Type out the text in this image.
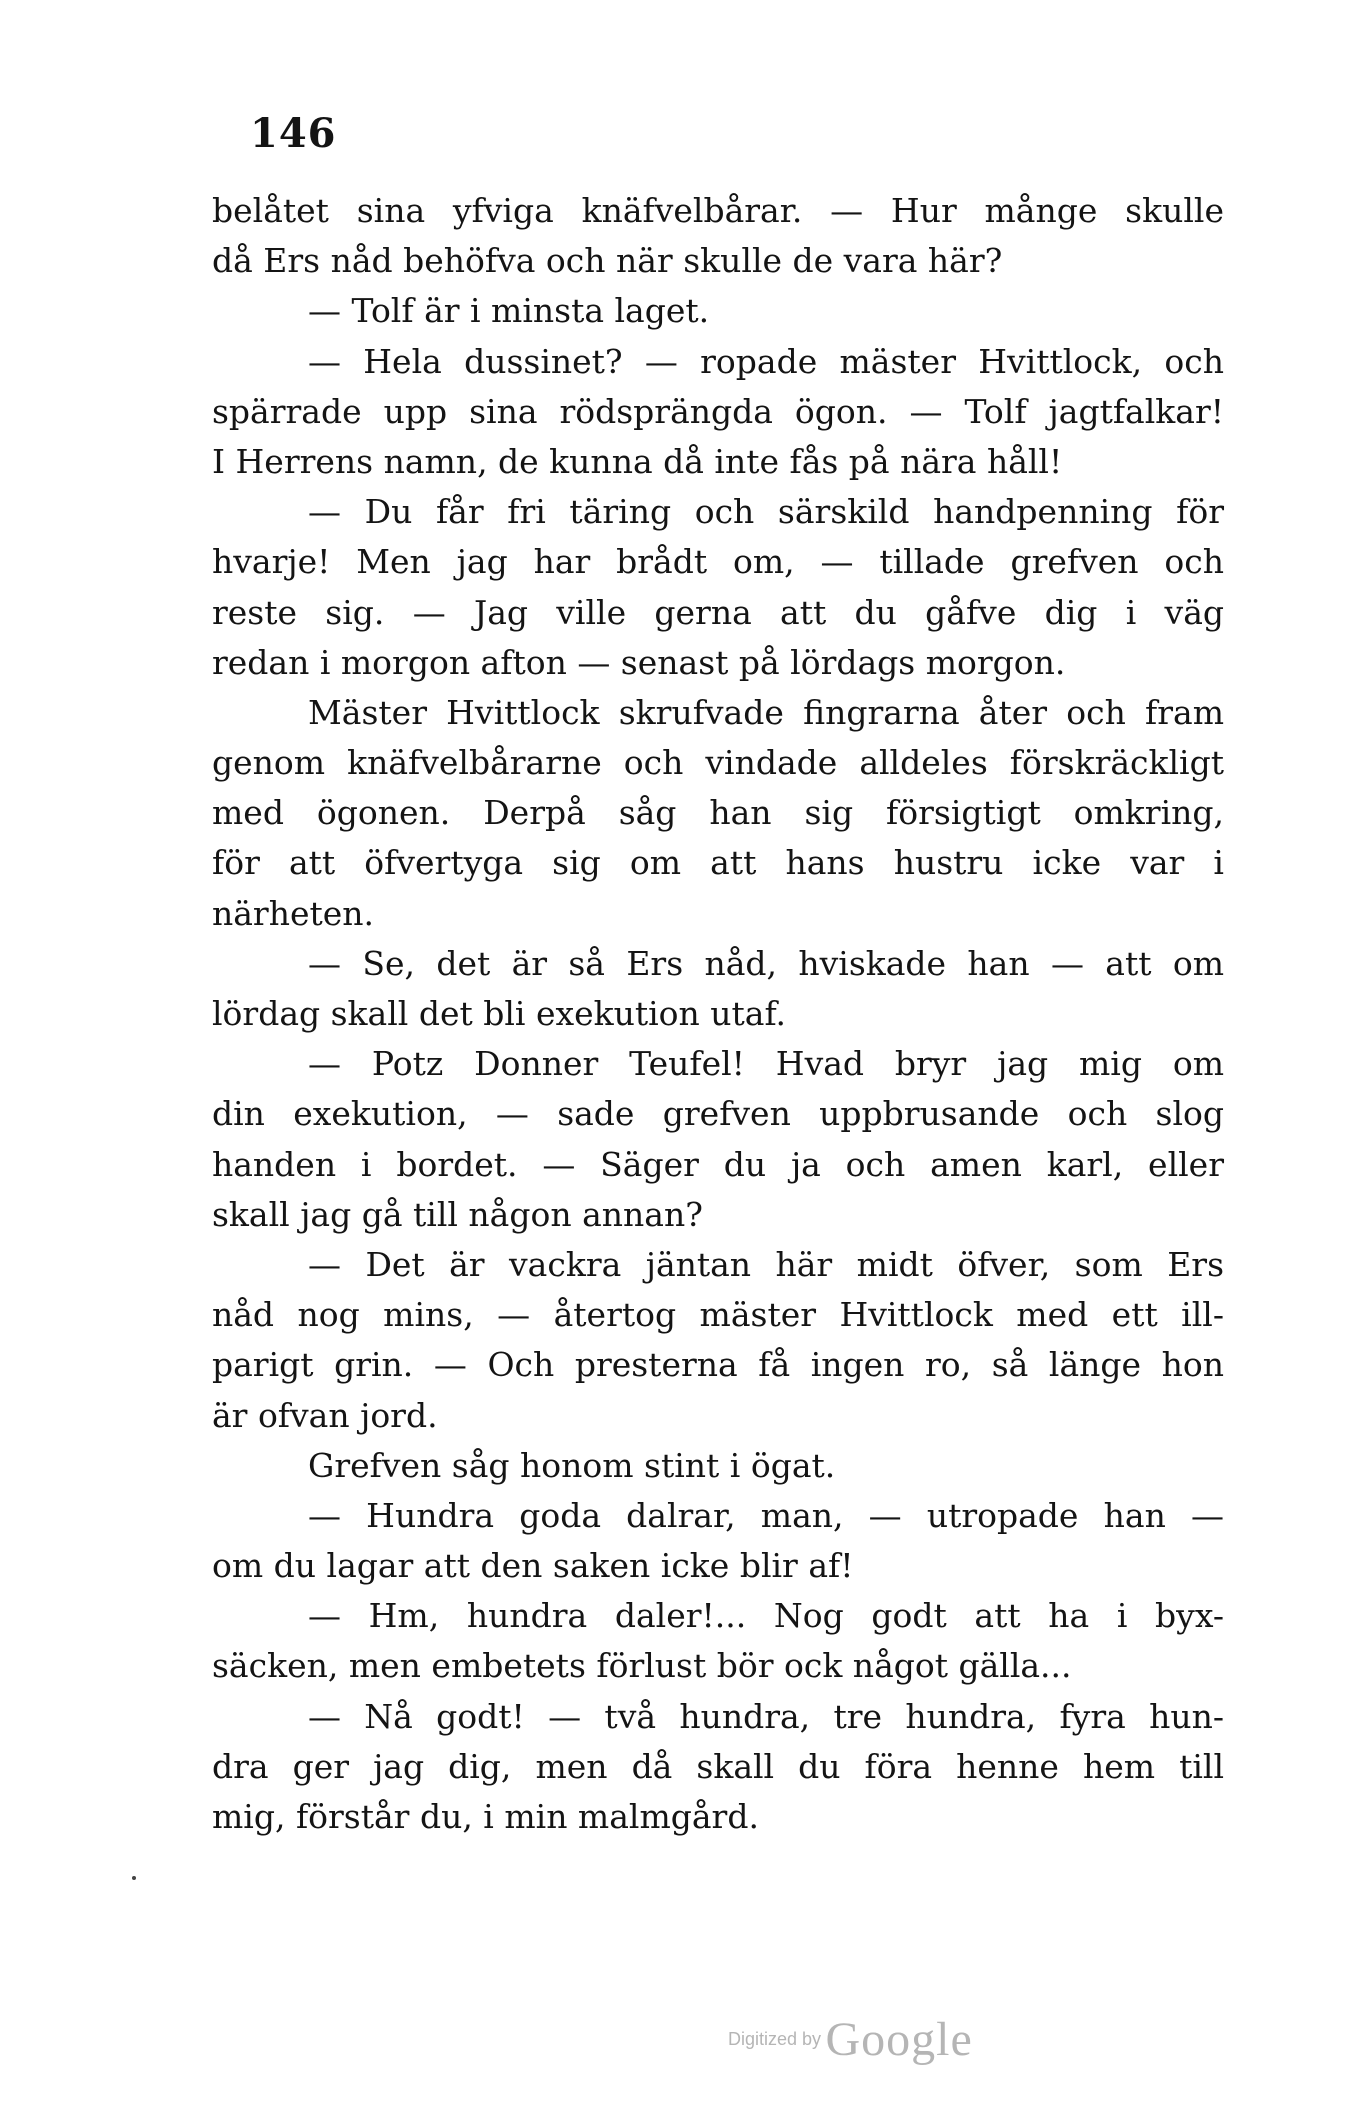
146
belåtet sina yfviga knäfvelbårar. — Hur månge skulle
då Ers nåd behöfva och när skulle de vara här?
— Tolf är i minsta laget.
— Hela dussinet? — ropade mäster Hvittlock, och
spärrade upp sina rödsprängda ögon. — Tolf jagtfalkar!
I Herrens namn, de kunna då inte fås på nära håll!
— Du får fri täring och särskild handpenning för
hvarje! Men jag har brådt om, — tillade grefven och
reste sig. — Jag ville gerna att du gåfve dig i väg
redan i morgon afton — senast på lördags morgon.
Mäster Hvittlock skrufvade fingrarna åter och fram
genom knäfvelbårarne och vindade alldeles förskräckligt
med ögonen. Derpå såg han sig försigtigt omkring,
för att öfvertyga sig om att hans hustru icke var i
närheten.
— Se, det är så Ers nåd, hviskade han — att om
lördag skall det bli exekution utaf.
— Potz Donner Teufel! Hvad bryr jag mig om
din exekution, — sade grefven uppbrusande och slog
handen i bordet. — Säger du ja och amen karl, eller
skall jag gå till någon annan?
— Det är vackra jäntan här midt öfver, som Ers
nåd nog mins, — återtog mäster Hvittlock med ett ill-
parigt grin. — Och presterna få ingen ro, så länge hon
är ofvan jord.
Grefven såg honom stint i ögat.
— Hundra goda dalrar, man, — utropade han —
om du lagar att den saken icke blir af!
— Hm, hundra daler!... Nog godt att ha i byx-
säcken, men embetets förlust bör ock något gälla...
— Nå godt! — två hundra, tre hundra, fyra hun-
dra ger jag dig, men då skall du föra henne hem till
mig, förstår du, i min malmgård.
Digitized by Google
